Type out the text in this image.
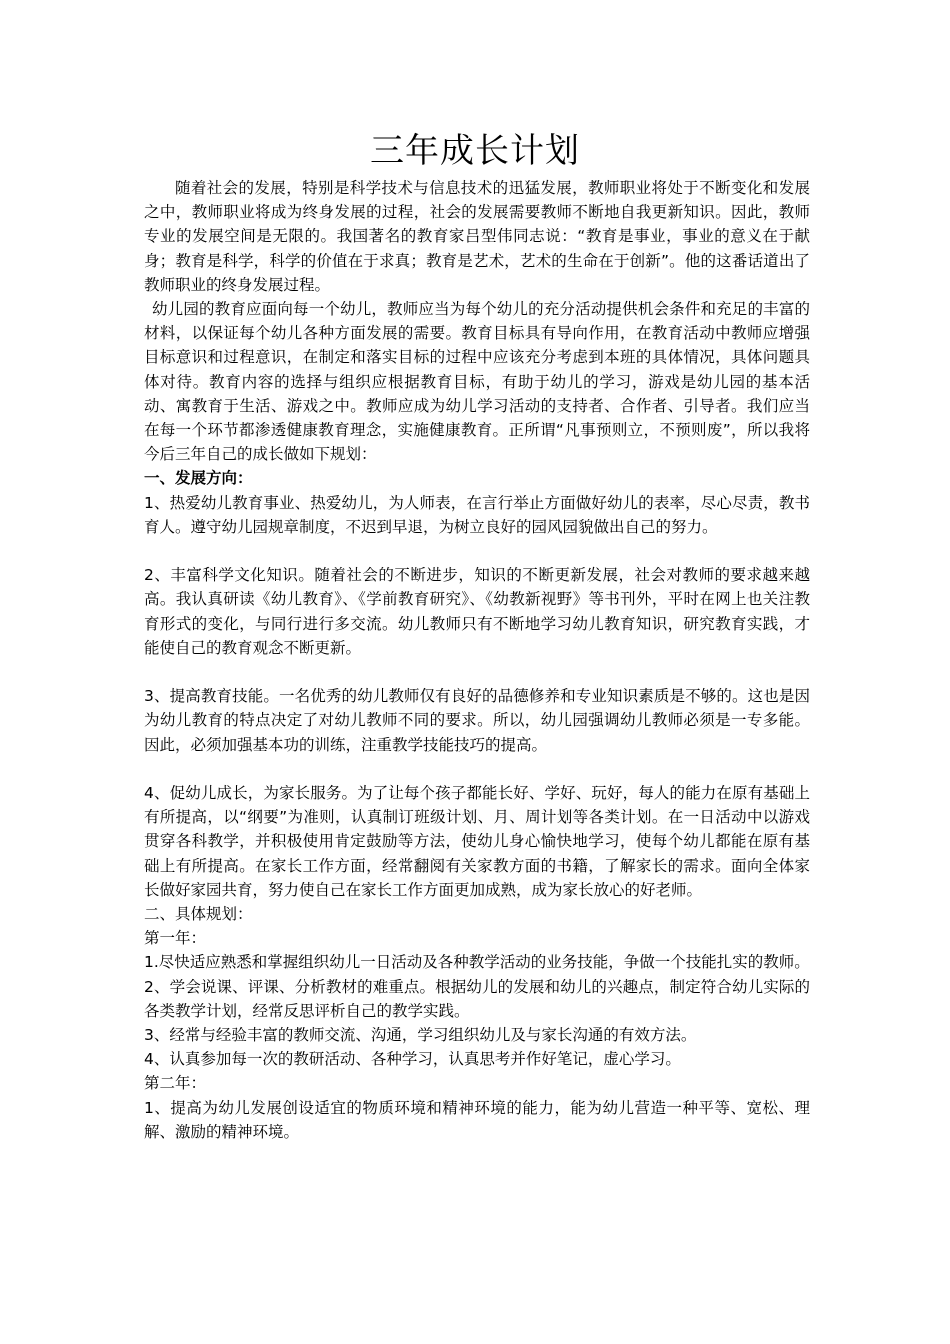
三年成长计划

随着社会的发展，特别是科学技术与信息技术的迅猛发展，教师职业将处于不断变化和发展之中，教师职业将成为终身发展的过程，社会的发展需要教师不断地自我更新知识。因此，教师专业的发展空间是无限的。我国著名的教育家吕型伟同志说：“教育是事业，事业的意义在于献身；教育是科学，科学的价值在于求真；教育是艺术，艺术的生命在于创新”。他的这番话道出了教师职业的终身发展过程。

幼儿园的教育应面向每一个幼儿，教师应当为每个幼儿的充分活动提供机会条件和充足的丰富的材料，以保证每个幼儿各种方面发展的需要。教育目标具有导向作用，在教育活动中教师应增强目标意识和过程意识，在制定和落实目标的过程中应该充分考虑到本班的具体情况，具体问题具体对待。教育内容的选择与组织应根据教育目标，有助于幼儿的学习，游戏是幼儿园的基本活动、寓教育于生活、游戏之中。教师应成为幼儿学习活动的支持者、合作者、引导者。我们应当在每一个环节都渗透健康教育理念，实施健康教育。正所谓“凡事预则立，不预则废”，所以我将今后三年自己的成长做如下规划：

一、发展方向：

1、热爱幼儿教育事业、热爱幼儿，为人师表，在言行举止方面做好幼儿的表率，尽心尽责，教书育人。遵守幼儿园规章制度，不迟到早退，为树立良好的园风园貌做出自己的努力。

2、丰富科学文化知识。随着社会的不断进步，知识的不断更新发展，社会对教师的要求越来越高。我认真研读《幼儿教育》、《学前教育研究》、《幼教新视野》等书刊外，平时在网上也关注教育形式的变化，与同行进行多交流。幼儿教师只有不断地学习幼儿教育知识，研究教育实践，才能使自己的教育观念不断更新。

3、提高教育技能。一名优秀的幼儿教师仅有良好的品德修养和专业知识素质是不够的。这也是因为幼儿教育的特点决定了对幼儿教师不同的要求。所以，幼儿园强调幼儿教师必须是一专多能。因此，必须加强基本功的训练，注重教学技能技巧的提高。

4、促幼儿成长，为家长服务。为了让每个孩子都能长好、学好、玩好，每人的能力在原有基础上有所提高，以“纲要”为准则，认真制订班级计划、月、周计划等各类计划。在一日活动中以游戏贯穿各科教学，并积极使用肯定鼓励等方法，使幼儿身心愉快地学习，使每个幼儿都能在原有基础上有所提高。在家长工作方面，经常翻阅有关家教方面的书籍，了解家长的需求。面向全体家长做好家园共育，努力使自己在家长工作方面更加成熟，成为家长放心的好老师。

二、具体规划：

第一年：

1.尽快适应熟悉和掌握组织幼儿一日活动及各种教学活动的业务技能，争做一个技能扎实的教师。

2、学会说课、评课、分析教材的难重点。根据幼儿的发展和幼儿的兴趣点，制定符合幼儿实际的各类教学计划，经常反思评析自己的教学实践。

3、经常与经验丰富的教师交流、沟通，学习组织幼儿及与家长沟通的有效方法。

4、认真参加每一次的教研活动、各种学习，认真思考并作好笔记，虚心学习。

第二年：

1、提高为幼儿发展创设适宜的物质环境和精神环境的能力，能为幼儿营造一种平等、宽松、理解、激励的精神环境。
